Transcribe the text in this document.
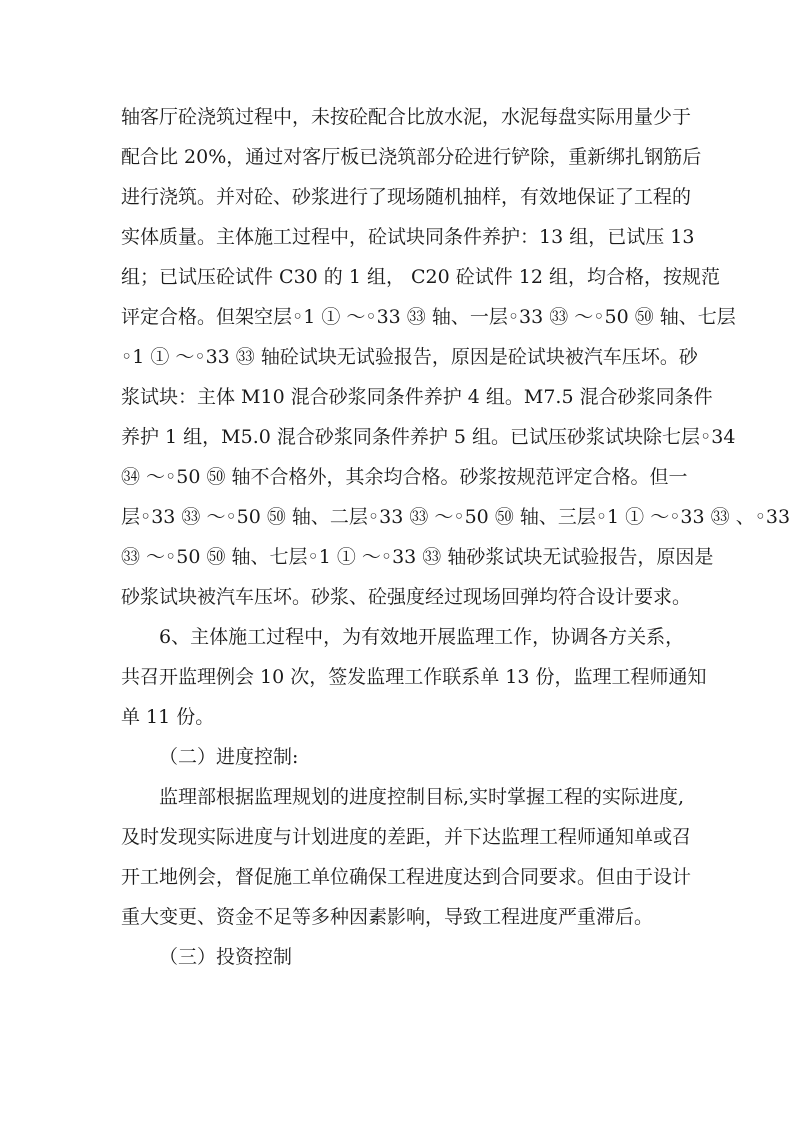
轴客厅砼浇筑过程中，未按砼配合比放水泥，水泥每盘实际用量少于
配合比 20%，通过对客厅板已浇筑部分砼进行铲除，重新绑扎钢筋后
进行浇筑。并对砼、砂浆进行了现场随机抽样，有效地保证了工程的
实体质量。主体施工过程中，砼试块同条件养护：13 组，已试压 13
组；已试压砼试件 C30 的 1 组， C20 砼试件 12 组，均合格，按规范
评定合格。但架空层◦1 ① ～◦33 ㉝ 轴、一层◦33 ㉝ ～◦50 ㊿ 轴、七层
◦1 ① ～◦33 ㉝ 轴砼试块无试验报告，原因是砼试块被汽车压坏。砂
浆试块：主体 M10 混合砂浆同条件养护 4 组。M7.5 混合砂浆同条件
养护 1 组，M5.0 混合砂浆同条件养护 5 组。已试压砂浆试块除七层◦34
㉞ ～◦50 ㊿ 轴不合格外，其余均合格。砂浆按规范评定合格。但一
层◦33 ㉝ ～◦50 ㊿ 轴、二层◦33 ㉝ ～◦50 ㊿ 轴、三层◦1 ① ～◦33 ㉝ 、◦33
㉝ ～◦50 ㊿ 轴、七层◦1 ① ～◦33 ㉝ 轴砂浆试块无试验报告，原因是
砂浆试块被汽车压坏。砂浆、砼强度经过现场回弹均符合设计要求。
6、主体施工过程中，为有效地开展监理工作，协调各方关系，
共召开监理例会 10 次，签发监理工作联系单 13 份，监理工程师通知
单 11 份。
（二）进度控制:
监理部根据监理规划的进度控制目标,实时掌握工程的实际进度,
及时发现实际进度与计划进度的差距，并下达监理工程师通知单或召
开工地例会，督促施工单位确保工程进度达到合同要求。但由于设计
重大变更、资金不足等多种因素影响，导致工程进度严重滞后。
（三）投资控制
